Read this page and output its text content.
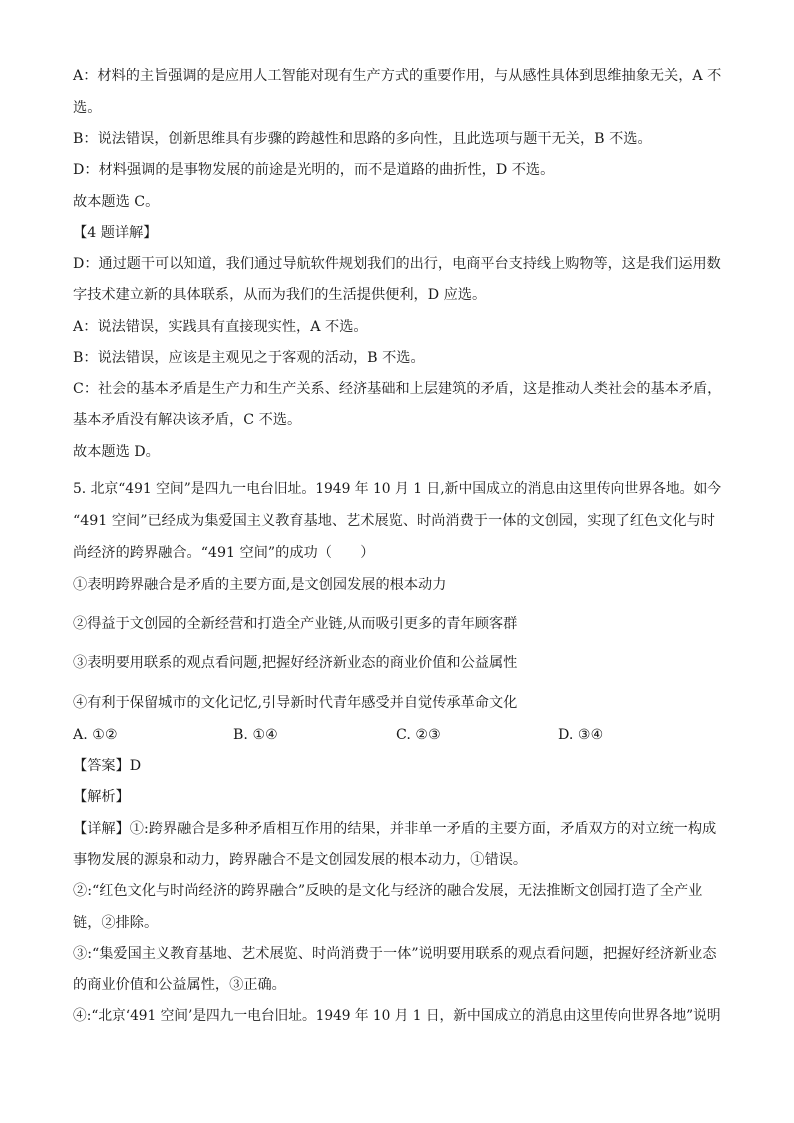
A：材料的主旨强调的是应用人工智能对现有生产方式的重要作用，与从感性具体到思维抽象无关，A 不
选。
B：说法错误，创新思维具有步骤的跨越性和思路的多向性，且此选项与题干无关，B 不选。
D：材料强调的是事物发展的前途是光明的，而不是道路的曲折性，D 不选。
故本题选 C。
【4 题详解】
D：通过题干可以知道，我们通过导航软件规划我们的出行，电商平台支持线上购物等，这是我们运用数
字技术建立新的具体联系，从而为我们的生活提供便利，D 应选。
A：说法错误，实践具有直接现实性，A 不选。
B：说法错误，应该是主观见之于客观的活动，B 不选。
C：社会的基本矛盾是生产力和生产关系、经济基础和上层建筑的矛盾，这是推动人类社会的基本矛盾，
基本矛盾没有解决该矛盾，C 不选。
故本题选 D。
5. 北京“491 空间”是四九一电台旧址。1949 年 10 月 1 日,新中国成立的消息由这里传向世界各地。如今
“491 空间”已经成为集爱国主义教育基地、艺术展览、时尚消费于一体的文创园，实现了红色文化与时
尚经济的跨界融合。“491 空间”的成功（　　）
①表明跨界融合是矛盾的主要方面,是文创园发展的根本动力
②得益于文创园的全新经营和打造全产业链,从而吸引更多的青年顾客群
③表明要用联系的观点看问题,把握好经济新业态的商业价值和公益属性
④有利于保留城市的文化记忆,引导新时代青年感受并自觉传承革命文化
A. ①②	B. ①④	C. ②③	D. ③④
【答案】D
【解析】
【详解】①:跨界融合是多种矛盾相互作用的结果，并非单一矛盾的主要方面，矛盾双方的对立统一构成
事物发展的源泉和动力，跨界融合不是文创园发展的根本动力，①错误。
②:“红色文化与时尚经济的跨界融合”反映的是文化与经济的融合发展，无法推断文创园打造了全产业
链，②排除。
③:“集爱国主义教育基地、艺术展览、时尚消费于一体”说明要用联系的观点看问题，把握好经济新业态
的商业价值和公益属性，③正确。
④:“北京‘491 空间’是四九一电台旧址。1949 年 10 月 1 日，新中国成立的消息由这里传向世界各地”说明
